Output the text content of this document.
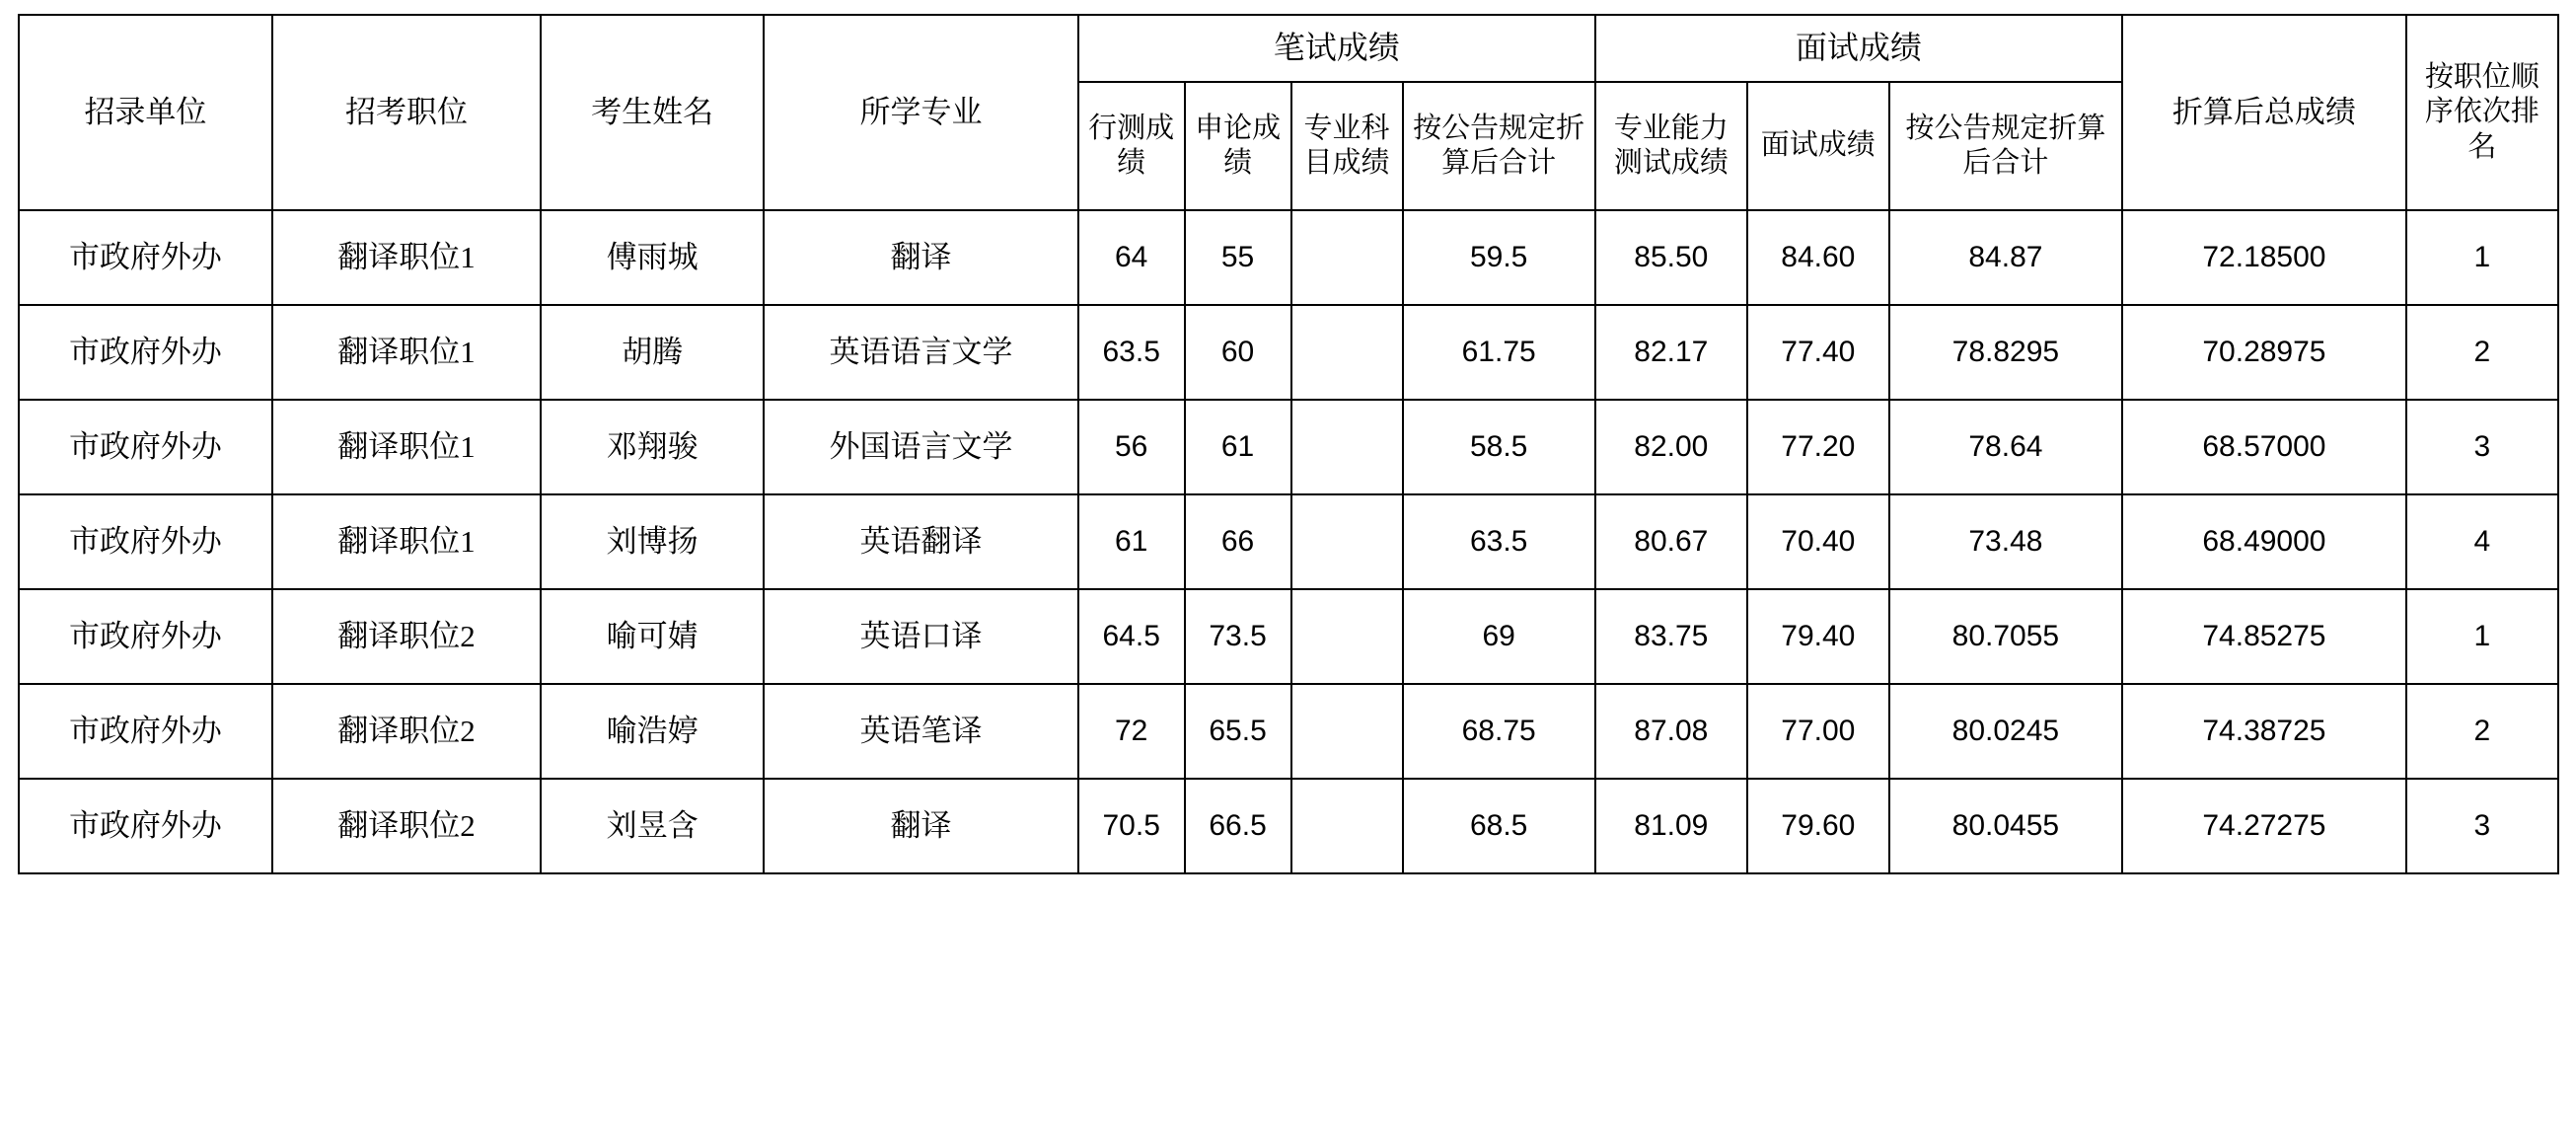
招录单位	招考职位	考生姓名	所学专业	笔试成绩				面试成绩			折算后总成绩	按职位顺序依次排名
				行测成绩	申论成绩	专业科目成绩	按公告规定折算后合计	专业能力测试成绩	面试成绩	按公告规定折算后合计		
市政府外办	翻译职位1	傅雨城	翻译	64	55		59.5	85.50	84.60	84.87	72.18500	1
市政府外办	翻译职位1	胡腾	英语语言文学	63.5	60		61.75	82.17	77.40	78.8295	70.28975	2
市政府外办	翻译职位1	邓翔骏	外国语言文学	56	61		58.5	82.00	77.20	78.64	68.57000	3
市政府外办	翻译职位1	刘博扬	英语翻译	61	66		63.5	80.67	70.40	73.48	68.49000	4
市政府外办	翻译职位2	喻可婧	英语口译	64.5	73.5		69	83.75	79.40	80.7055	74.85275	1
市政府外办	翻译职位2	喻浩婷	英语笔译	72	65.5		68.75	87.08	77.00	80.0245	74.38725	2
市政府外办	翻译职位2	刘昱含	翻译	70.5	66.5		68.5	81.09	79.60	80.0455	74.27275	3
